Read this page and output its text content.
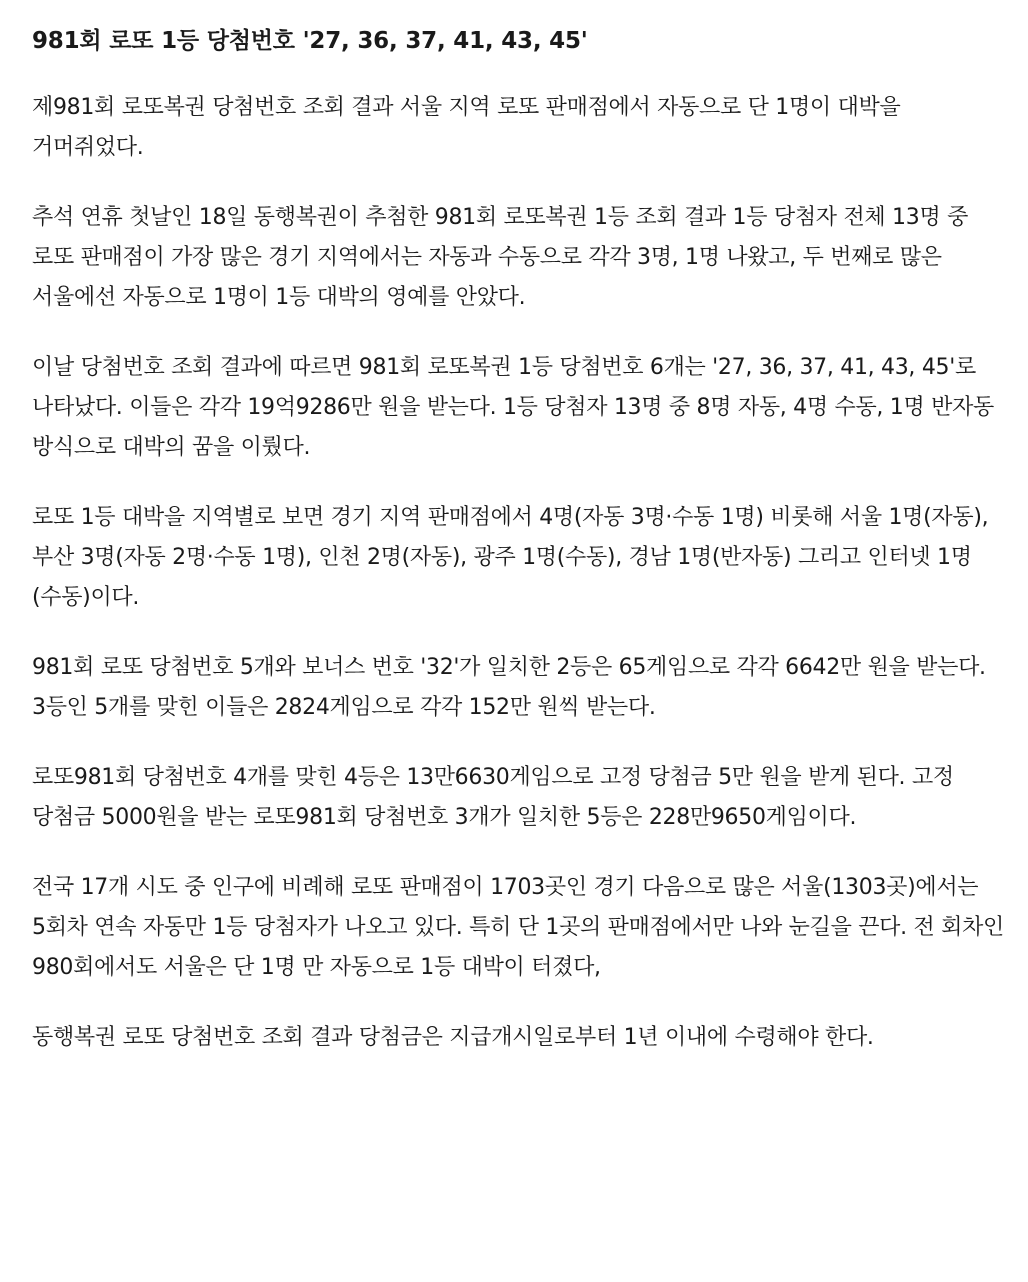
981회 로또 1등 당첨번호 '27, 36, 37, 41, 43, 45'

제981회 로또복권 당첨번호 조회 결과 서울 지역 로또 판매점에서 자동으로 단 1명이 대박을 거머쥐었다.

추석 연휴 첫날인 18일 동행복권이 추첨한 981회 로또복권 1등 조회 결과 1등 당첨자 전체 13명 중 로또 판매점이 가장 많은 경기 지역에서는 자동과 수동으로 각각 3명, 1명 나왔고, 두 번째로 많은 서울에선 자동으로 1명이 1등 대박의 영예를 안았다.

이날 당첨번호 조회 결과에 따르면 981회 로또복권 1등 당첨번호 6개는 '27, 36, 37, 41, 43, 45'로 나타났다. 이들은 각각 19억9286만 원을 받는다. 1등 당첨자 13명 중 8명 자동, 4명 수동, 1명 반자동 방식으로 대박의 꿈을 이뤘다.

로또 1등 대박을 지역별로 보면 경기 지역 판매점에서 4명(자동 3명·수동 1명) 비롯해 서울 1명(자동), 부산 3명(자동 2명·수동 1명), 인천 2명(자동), 광주 1명(수동), 경남 1명(반자동) 그리고 인터넷 1명(수동)이다.

981회 로또 당첨번호 5개와 보너스 번호 '32'가 일치한 2등은 65게임으로 각각 6642만 원을 받는다. 3등인 5개를 맞힌 이들은 2824게임으로 각각 152만 원씩 받는다.

로또981회 당첨번호 4개를 맞힌 4등은 13만6630게임으로 고정 당첨금 5만 원을 받게 된다. 고정 당첨금 5000원을 받는 로또981회 당첨번호 3개가 일치한 5등은 228만9650게임이다.

전국 17개 시도 중 인구에 비례해 로또 판매점이 1703곳인 경기 다음으로 많은 서울(1303곳)에서는 5회차 연속 자동만 1등 당첨자가 나오고 있다. 특히 단 1곳의 판매점에서만 나와 눈길을 끈다. 전 회차인 980회에서도 서울은 단 1명 만 자동으로 1등 대박이 터졌다,

동행복권 로또 당첨번호 조회 결과 당첨금은 지급개시일로부터 1년 이내에 수령해야 한다.
